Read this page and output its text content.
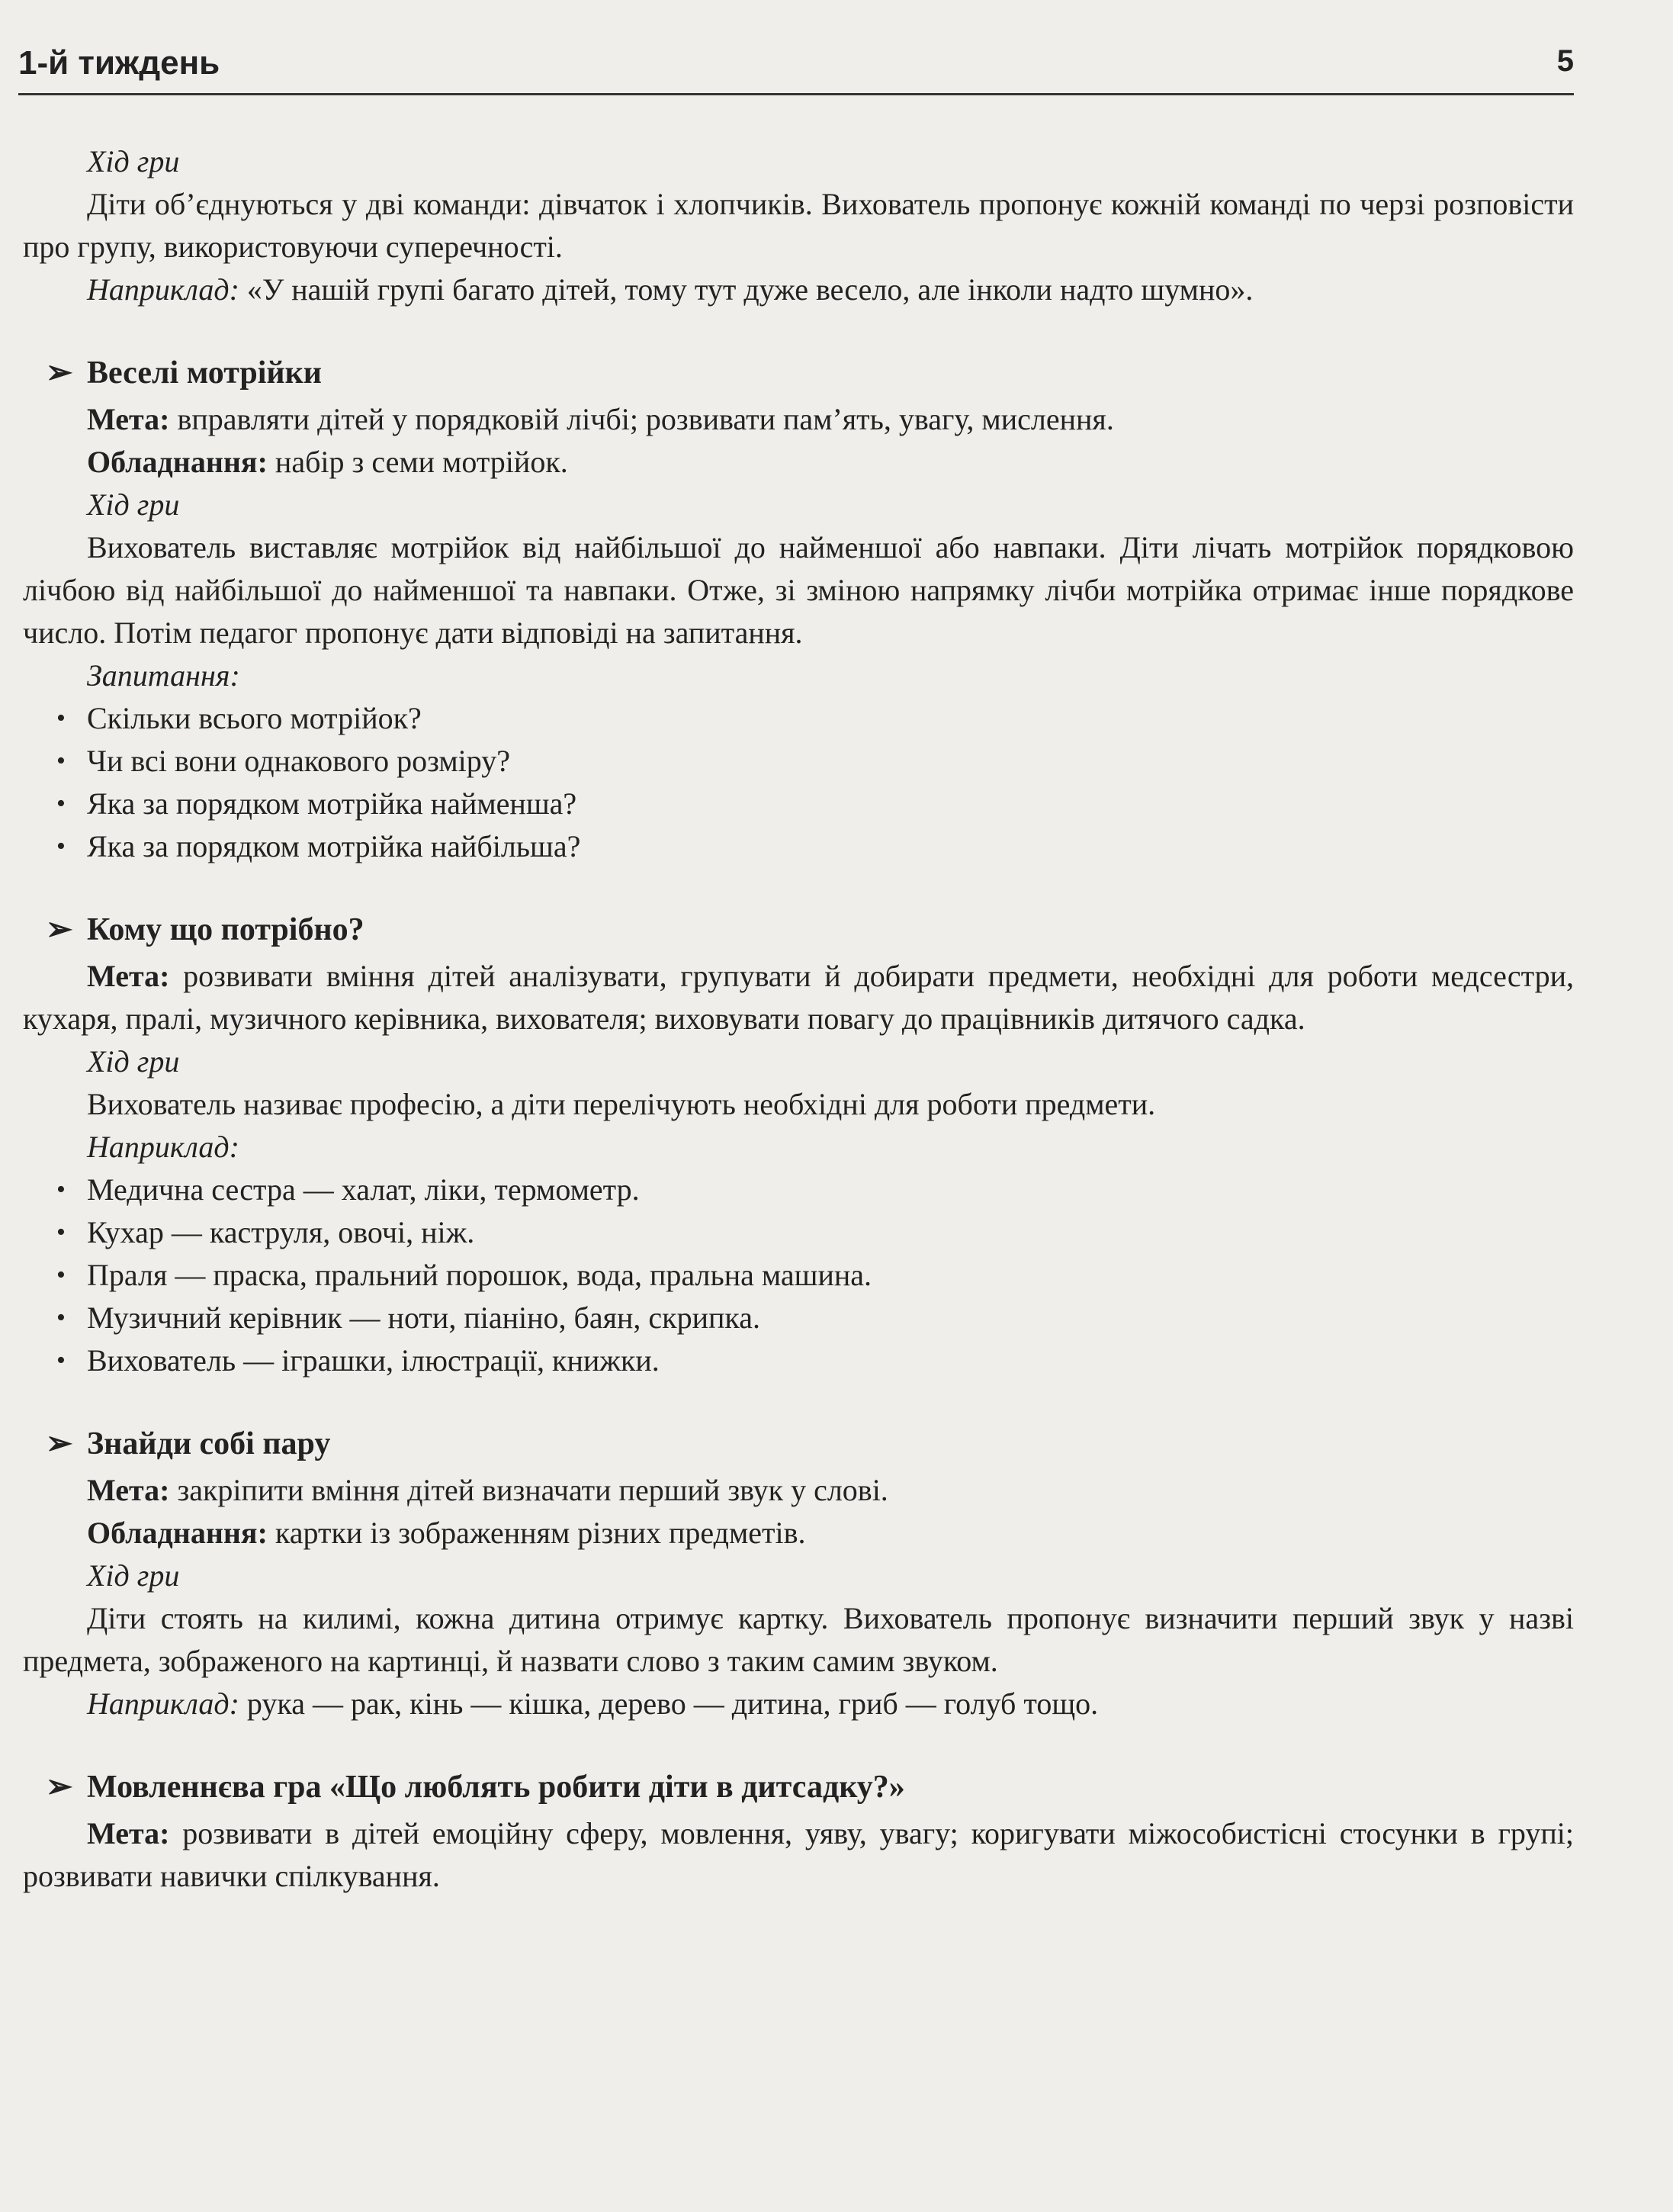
1-й тиждень	5

Хід гри

Діти об’єднуються у дві команди: дівчаток і хлопчиків. Вихователь пропонує кожній команді по черзі розповісти про групу, використовуючи суперечності.

Наприклад: «У нашій групі багато дітей, тому тут дуже весело, але інколи надто шумно».

➢ Веселі мотрійки

Мета: вправляти дітей у порядковій лічбі; розвивати пам’ять, увагу, мислення.

Обладнання: набір з семи мотрійок.

Хід гри

Вихователь виставляє мотрійок від найбільшої до найменшої або навпаки. Діти лічать мотрійок порядковою лічбою від найбільшої до найменшої та навпаки. Отже, зі зміною напрямку лічби мотрійка отримає інше порядкове число. Потім педагог пропонує дати відповіді на запитання.

Запитання:

• Скільки всього мотрійок?

• Чи всі вони однакового розміру?

• Яка за порядком мотрійка найменша?

• Яка за порядком мотрійка найбільша?

➢ Кому що потрібно?

Мета: розвивати вміння дітей аналізувати, групувати й добирати предмети, необхідні для роботи медсестри, кухаря, пралі, музичного керівника, вихователя; виховувати повагу до працівників дитячого садка.

Хід гри

Вихователь називає професію, а діти перелічують необхідні для роботи предмети.

Наприклад:

• Медична сестра — халат, ліки, термометр.

• Кухар — каструля, овочі, ніж.

• Праля — праска, пральний порошок, вода, пральна машина.

• Музичний керівник — ноти, піаніно, баян, скрипка.

• Вихователь — іграшки, ілюстрації, книжки.

➢ Знайди собі пару

Мета: закріпити вміння дітей визначати перший звук у слові.

Обладнання: картки із зображенням різних предметів.

Хід гри

Діти стоять на килимі, кожна дитина отримує картку. Вихователь пропонує визначити перший звук у назві предмета, зображеного на картинці, й назвати слово з таким самим звуком.

Наприклад: рука — рак, кінь — кішка, дерево — дитина, гриб — голуб тощо.

➢ Мовленнєва гра «Що люблять робити діти в дитсадку?»

Мета: розвивати в дітей емоційну сферу, мовлення, уяву, увагу; коригувати міжособистісні стосунки в групі; розвивати навички спілкування.
